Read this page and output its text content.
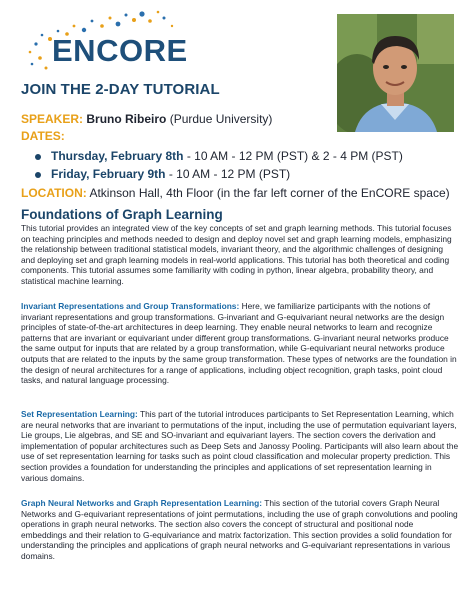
ENCORE
JOIN THE 2-DAY TUTORIAL
SPEAKER: Bruno Ribeiro (Purdue University)
DATES:
Thursday, February 8th - 10 AM - 12 PM (PST) & 2 - 4 PM (PST)
Friday, February 9th - 10 AM - 12 PM (PST)
LOCATION: Atkinson Hall, 4th Floor (in the far left corner of the EnCORE space)
Foundations of Graph Learning
This tutorial provides an integrated view of the key concepts of set and graph learning methods. This tutorial focuses on teaching principles and methods needed to design and deploy novel set and graph learning models, emphasizing the relationship between traditional statistical models, invariant theory, and the algorithmic challenges of designing and deploying set and graph learning models in real-world applications. This tutorial has both theoretical and coding components. This tutorial assumes some familiarity with coding in python, linear algebra, probability theory, and statistical machine learning.
Invariant Representations and Group Transformations: Here, we familiarize participants with the notions of invariant representations and group transformations. G-invariant and G-equivariant neural networks are the design principles of state-of-the-art architectures in deep learning. They enable neural networks to learn and recognize patterns that are invariant or equivariant under different group transformations. G-invariant neural networks produce the same output for inputs that are related by a group transformation, while G-equivariant neural networks produce outputs that are related to the inputs by the same group transformation. These types of networks are the foundation in the design of neural architectures for a range of applications, including object recognition, graph tasks, point cloud tasks, and natural language processing.
Set Representation Learning: This part of the tutorial introduces participants to Set Representation Learning, which are neural networks that are invariant to permutations of the input, including the use of permutation equivariant layers, Lie groups, Lie algebras, and SE and SO-invariant and equivariant layers. The section covers the derivation and implementation of popular architectures such as Deep Sets and Janossy Pooling. Participants will also learn about the use of set representation learning for tasks such as point cloud classification and molecular property prediction. This section provides a foundation for understanding the principles and applications of set representation learning in various domains.
Graph Neural Networks and Graph Representation Learning: This section of the tutorial covers Graph Neural Networks and G-equivariant representations of joint permutations, including the use of graph convolutions and pooling operations in graph neural networks. The section also covers the concept of structural and positional node embeddings and their relation to G-equivariance and matrix factorization. This section provides a solid foundation for understanding the principles and applications of graph neural networks and G-equivariant representations in various domains.
